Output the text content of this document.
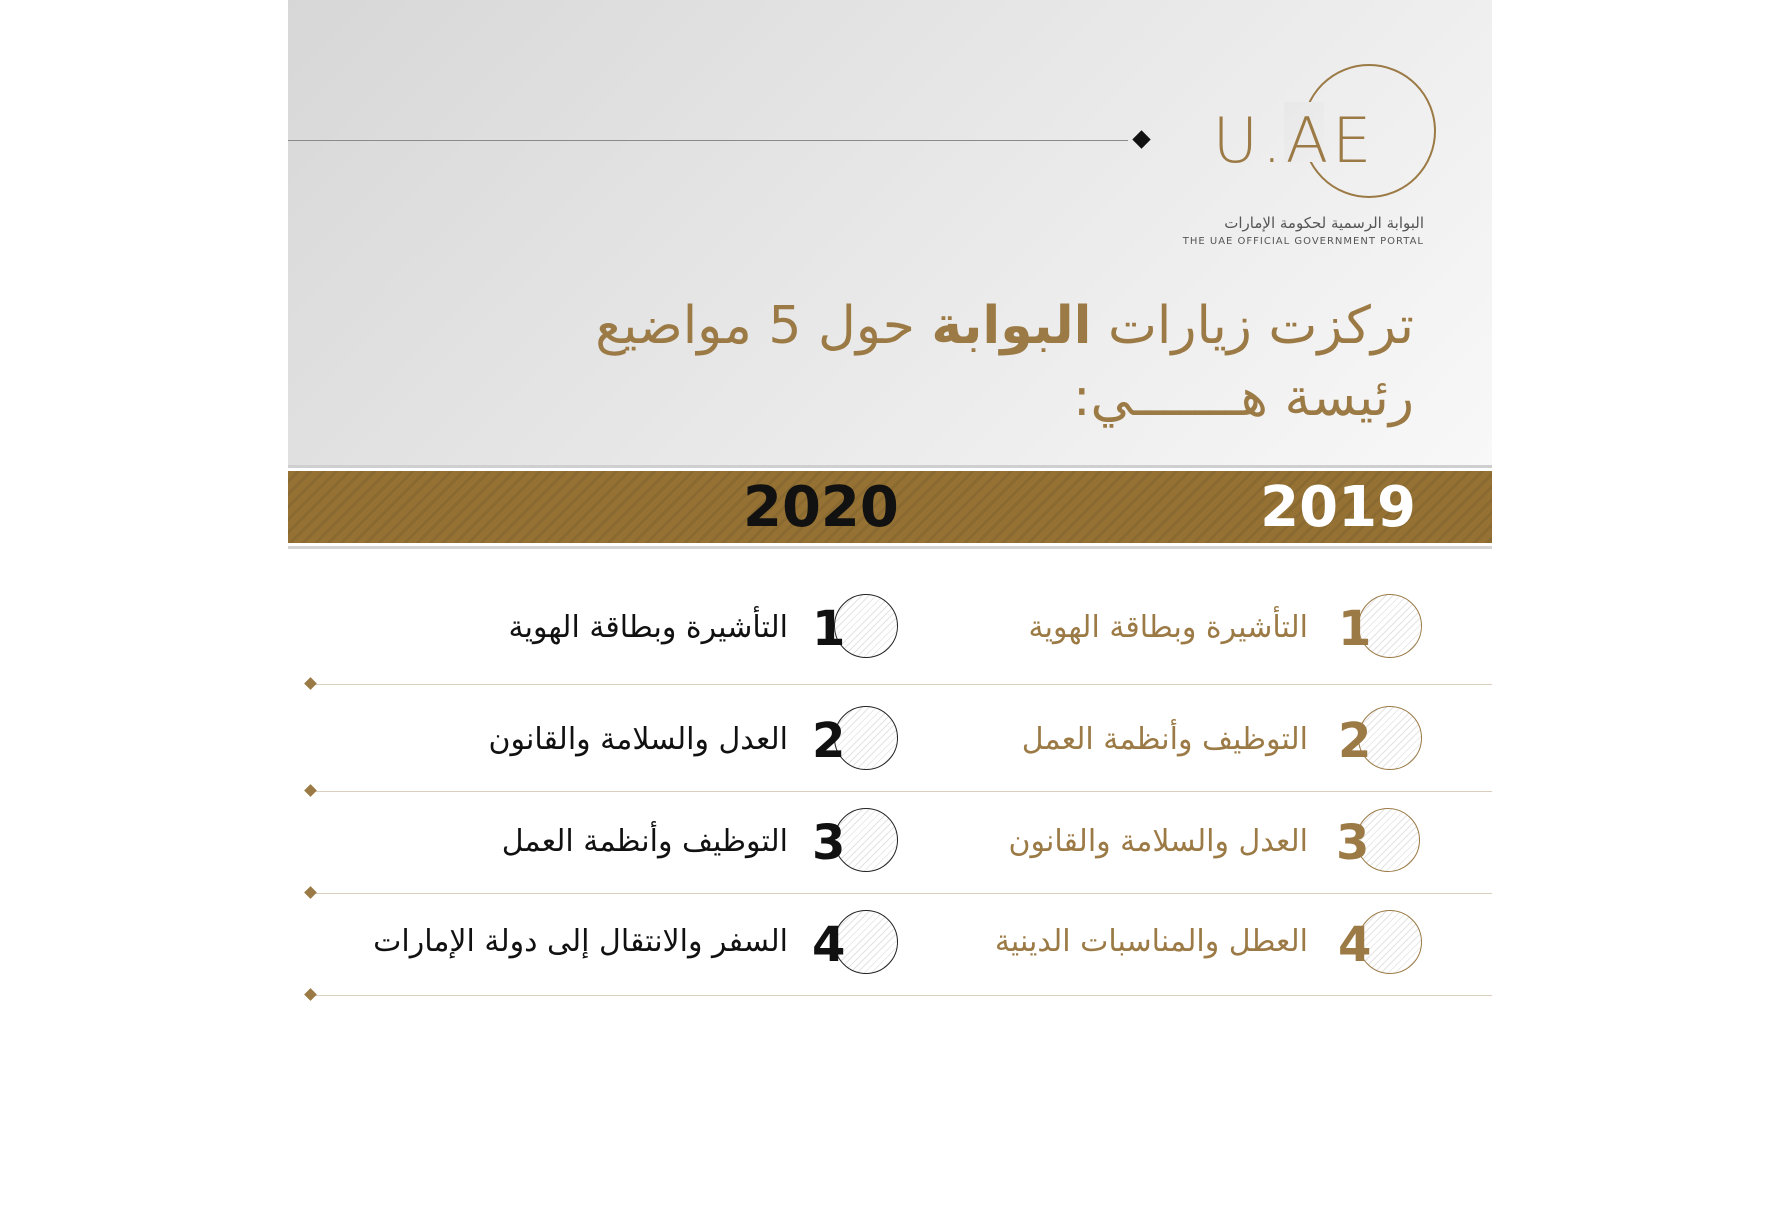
U.AE
البوابة الرسمية لحكومة الإمارات
THE UAE OFFICIAL GOVERNMENT PORTAL
تركزت زيارات البوابة حول 5 مواضيع
رئيسة هـــــــي:
2019
2020
1
التأشيرة وبطاقة الهوية
2
التوظيف وأنظمة العمل
3
العدل والسلامة والقانون
4
العطل والمناسبات الدينية
1
التأشيرة وبطاقة الهوية
2
العدل والسلامة والقانون
3
التوظيف وأنظمة العمل
4
السفر والانتقال إلى دولة الإمارات
